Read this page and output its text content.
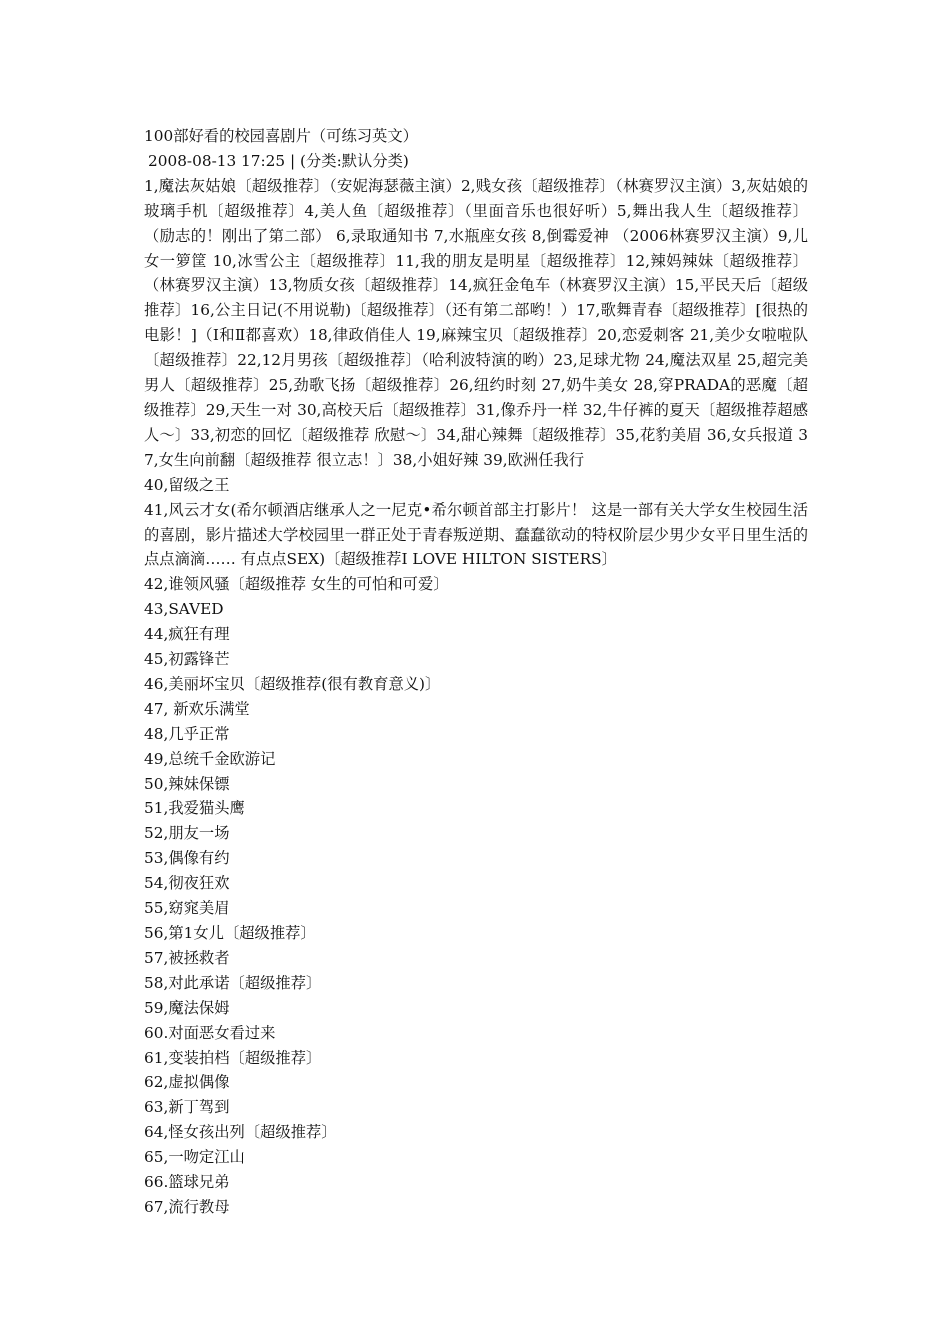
100部好看的校园喜剧片（可练习英文）
2008-08-13 17:25 | (分类:默认分类)
1,魔法灰姑娘〔超级推荐〕（安妮海瑟薇主演）2,贱女孩〔超级推荐〕（林赛罗汉主演）3,灰姑娘的玻璃手机〔超级推荐〕4,美人鱼〔超级推荐〕（里面音乐也很好听）5,舞出我人生〔超级推荐〕 （励志的！刚出了第二部） 6,录取通知书 7,水瓶座女孩 8,倒霉爱神 （2006林赛罗汉主演）9,儿女一箩筐 10,冰雪公主〔超级推荐〕11,我的朋友是明星〔超级推荐〕12,辣妈辣妹〔超级推荐〕（林赛罗汉主演）13,物质女孩〔超级推荐〕14,疯狂金龟车（林赛罗汉主演）15,平民天后〔超级推荐〕16,公主日记(不用说勒)〔超级推荐〕（还有第二部哟！）17,歌舞青春〔超级推荐〕[很热的电影！]（Ⅰ和Ⅱ都喜欢）18,律政俏佳人 19,麻辣宝贝〔超级推荐〕20,恋爱刺客 21,美少女啦啦队〔超级推荐〕22,12月男孩〔超级推荐〕（哈利波特演的哟）23,足球尤物 24,魔法双星 25,超完美男人〔超级推荐〕25,劲歌飞扬〔超级推荐〕26,纽约时刻 27,奶牛美女 28,穿PRADA的恶魔〔超级推荐〕29,天生一对 30,高校天后〔超级推荐〕31,像乔丹一样 32,牛仔裤的夏天〔超级推荐超感人～〕33,初恋的回忆〔超级推荐 欣慰～〕34,甜心辣舞〔超级推荐〕35,花豹美眉 36,女兵报道 37,女生向前翻〔超级推荐 很立志！〕38,小姐好辣 39,欧洲任我行
40,留级之王
41,风云才女(希尔顿酒店继承人之一尼克•希尔顿首部主打影片！ 这是一部有关大学女生校园生活的喜剧，影片描述大学校园里一群正处于青春叛逆期、蠢蠢欲动的特权阶层少男少女平日里生活的点点滴滴…… 有点点SEX)〔超级推荐I LOVE HILTON SISTERS〕
42,谁领风骚〔超级推荐 女生的可怕和可爱〕
43,SAVED
44,疯狂有理
45,初露锋芒
46,美丽坏宝贝〔超级推荐(很有教育意义)〕
47, 新欢乐满堂
48,几乎正常
49,总统千金欧游记
50,辣妹保镖
51,我爱猫头鹰
52,朋友一场
53,偶像有约
54,彻夜狂欢
55,窈窕美眉
56,第1女儿〔超级推荐〕
57,被拯救者
58,对此承诺〔超级推荐〕
59,魔法保姆
60.对面恶女看过来
61,变装拍档〔超级推荐〕
62,虚拟偶像
63,新丁驾到
64,怪女孩出列〔超级推荐〕
65,一吻定江山
66.篮球兄弟
67,流行教母
